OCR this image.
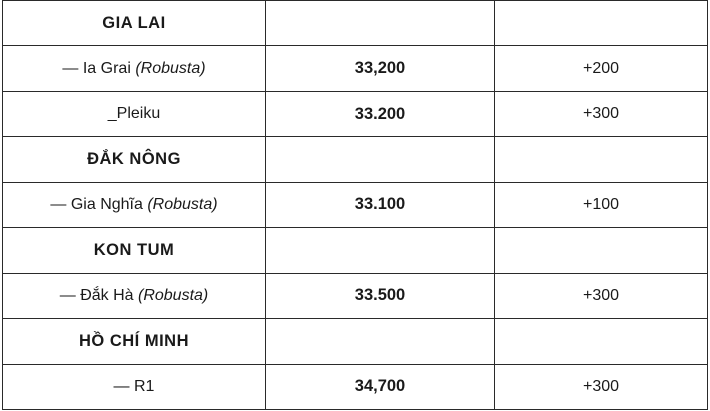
GIA LAI		
— Ia Grai (Robusta)	33,200	+200
_Pleiku	33.200	+300
ĐẮK NÔNG		
— Gia Nghĩa (Robusta)	33.100	+100
KON TUM		
— Đắk Hà (Robusta)	33.500	+300
HỒ CHÍ MINH		
— R1	34,700	+300
